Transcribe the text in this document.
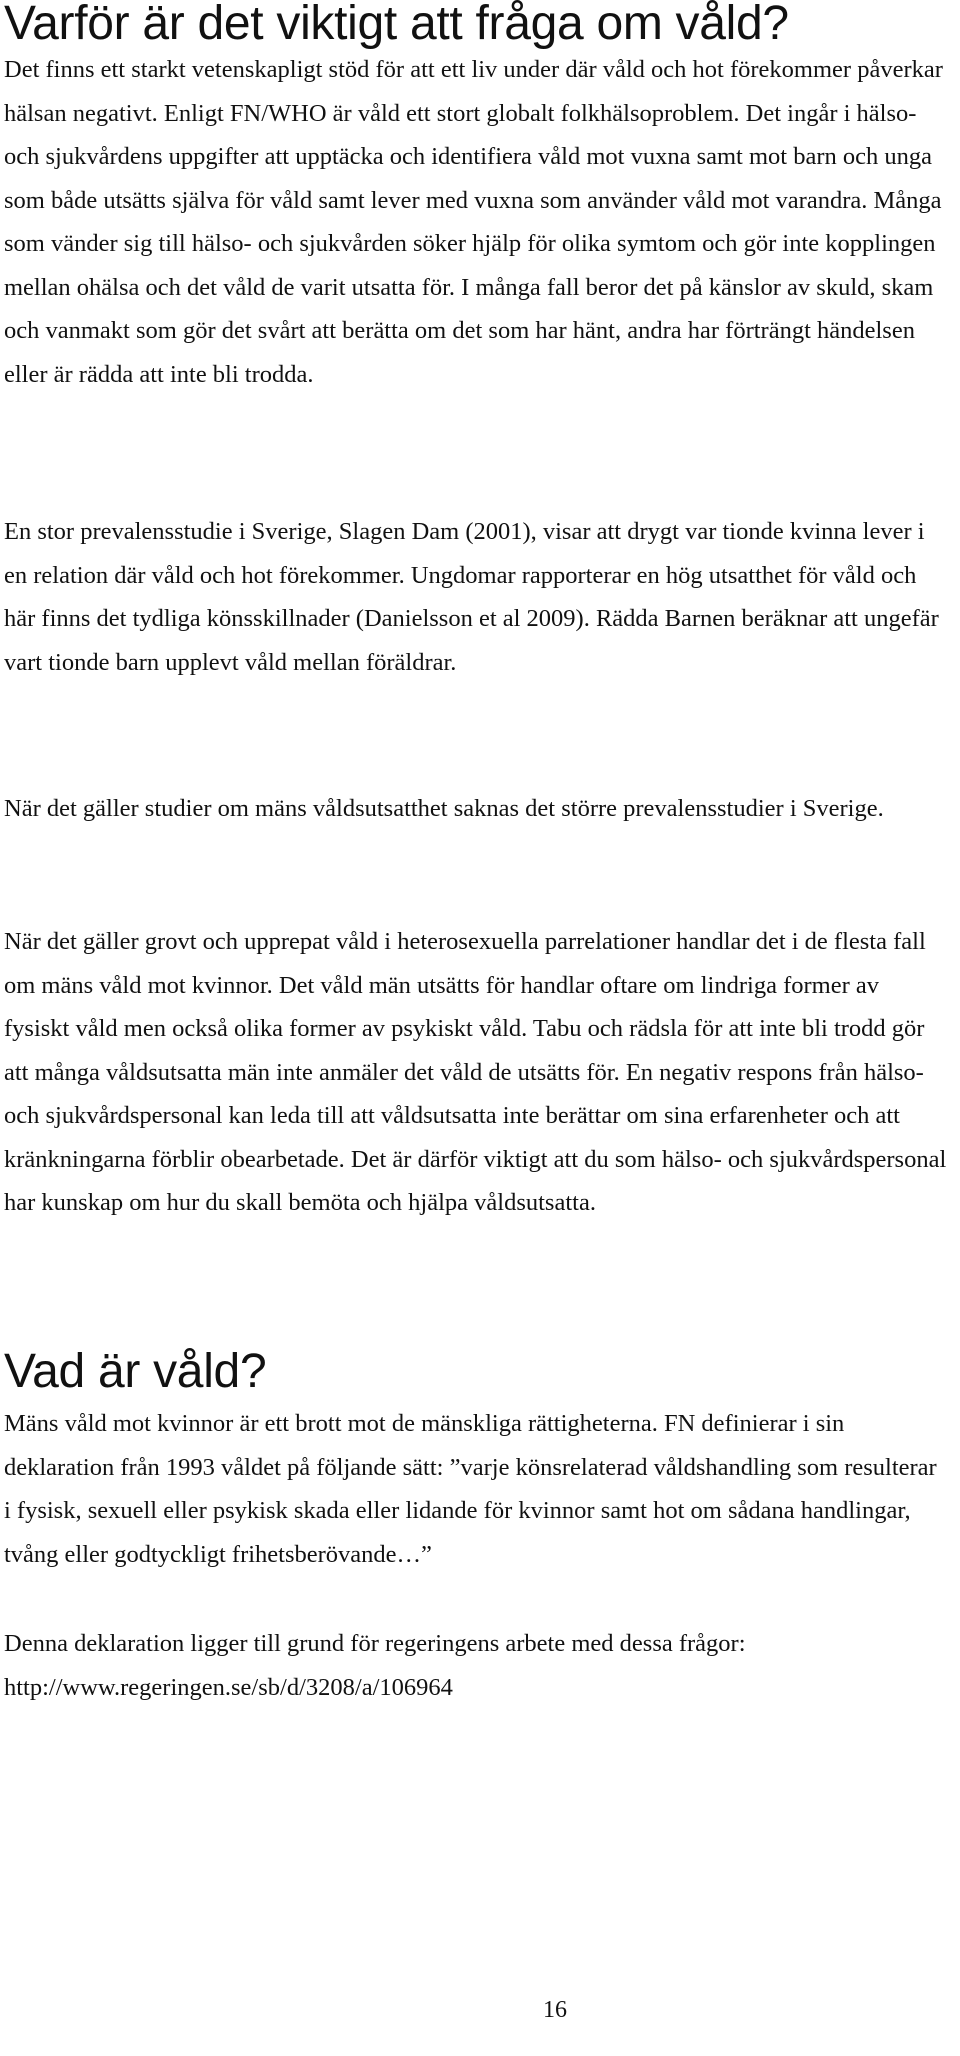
Varför är det viktigt att fråga om våld?

Det finns ett starkt vetenskapligt stöd för att ett liv under där våld och hot förekommer påverkar hälsan negativt. Enligt FN/WHO är våld ett stort globalt folkhälsoproblem. Det ingår i hälso- och sjukvårdens uppgifter att upptäcka och identifiera våld mot vuxna samt mot barn och unga som både utsätts själva för våld samt lever med vuxna som använder våld mot varandra. Många som vänder sig till hälso- och sjukvården söker hjälp för olika symtom och gör inte kopplingen mellan ohälsa och det våld de varit utsatta för. I många fall beror det på känslor av skuld, skam och vanmakt som gör det svårt att berätta om det som har hänt, andra har förträngt händelsen eller är rädda att inte bli trodda.

En stor prevalensstudie i Sverige, Slagen Dam (2001), visar att drygt var tionde kvinna lever i en relation där våld och hot förekommer. Ungdomar rapporterar en hög utsatthet för våld och här finns det tydliga könsskillnader (Danielsson et al 2009). Rädda Barnen beräknar att ungefär vart tionde barn upplevt våld mellan föräldrar.

När det gäller studier om mäns våldsutsatthet saknas det större prevalensstudier i Sverige.

När det gäller grovt och upprepat våld i heterosexuella parrelationer handlar det i de flesta fall om mäns våld mot kvinnor. Det våld män utsätts för handlar oftare om lindriga former av fysiskt våld men också olika former av psykiskt våld. Tabu och rädsla för att inte bli trodd gör att många våldsutsatta män inte anmäler det våld de utsätts för. En negativ respons från hälso- och sjukvårdspersonal kan leda till att våldsutsatta inte berättar om sina erfarenheter och att kränkningarna förblir obearbetade. Det är därför viktigt att du som hälso- och sjukvårdspersonal har kunskap om hur du skall bemöta och hjälpa våldsutsatta.

Vad är våld?

Mäns våld mot kvinnor är ett brott mot de mänskliga rättigheterna. FN definierar i sin deklaration från 1993 våldet på följande sätt: ”varje könsrelaterad våldshandling som resulterar i fysisk, sexuell eller psykisk skada eller lidande för kvinnor samt hot om sådana handlingar, tvång eller godtyckligt frihetsberövande…”

Denna deklaration ligger till grund för regeringens arbete med dessa frågor: http://www.regeringen.se/sb/d/3208/a/106964

16
